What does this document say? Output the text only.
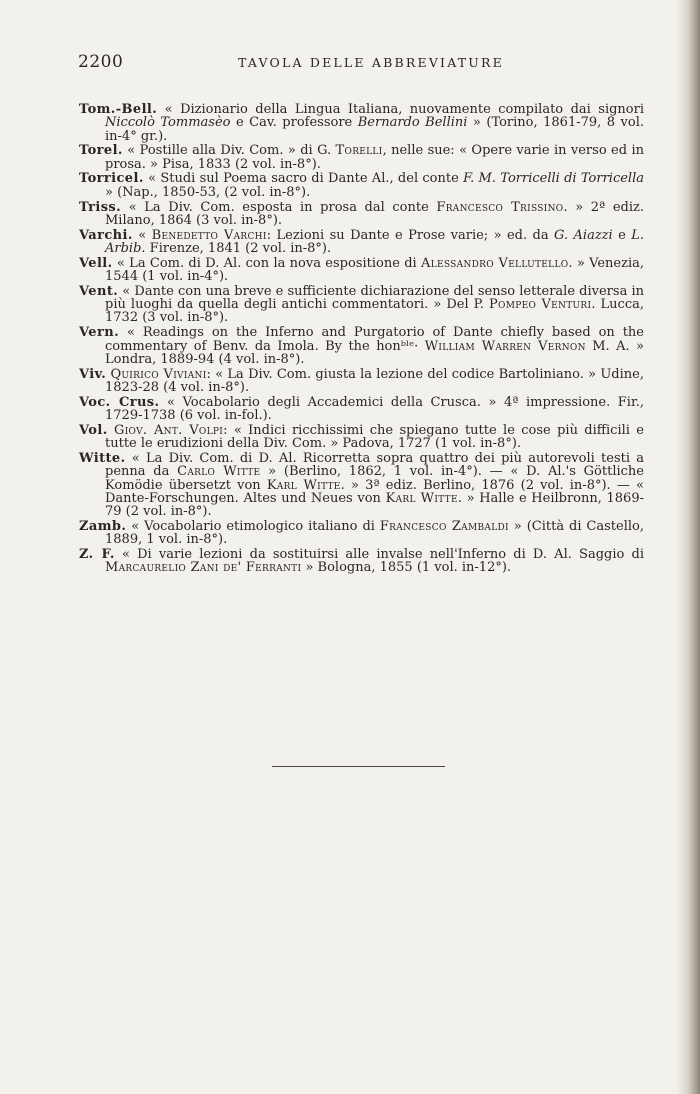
2200	TAVOLA DELLE ABBREVIATURE

Tom.-Bell. « Dizionario della Lingua Italiana, nuovamente compilato dai signori Niccolò Tommasèo e Cav. professore Bernardo Bellini » (Torino, 1861-79, 8 vol. in-4° gr.).

Torel. « Postille alla Div. Com. » di G. Torelli, nelle sue: « Opere varie in verso ed in prosa. » Pisa, 1833 (2 vol. in-8°).

Torricel. « Studi sul Poema sacro di Dante Al., del conte F. M. Torricelli di Torricella » (Nap., 1850-53, (2 vol. in-8°).

Triss. « La Div. Com. esposta in prosa dal conte Francesco Trissino. » 2ª ediz. Milano, 1864 (3 vol. in-8°).

Varchi. « Benedetto Varchi: Lezioni su Dante e Prose varie; » ed. da G. Aiazzi e L. Arbib. Firenze, 1841 (2 vol. in-8°).

Vell. « La Com. di D. Al. con la nova espositione di Alessandro Vellutello. » Venezia, 1544 (1 vol. in-4°).

Vent. « Dante con una breve e sufficiente dichiarazione del senso letterale diversa in più luoghi da quella degli antichi commentatori. » Del P. Pompeo Venturi. Lucca, 1732 (3 vol. in-8°).

Vern. « Readings on the Inferno and Purgatorio of Dante chiefly based on the commentary of Benv. da Imola. By the honᵇˡᵉ· William Warren Vernon M. A. » Londra, 1889-94 (4 vol. in-8°).

Viv. Quirico Viviani: « La Div. Com. giusta la lezione del codice Bartoliniano. » Udine, 1823-28 (4 vol. in-8°).

Voc. Crus. « Vocabolario degli Accademici della Crusca. » 4ª impressione. Fir., 1729-1738 (6 vol. in-fol.).

Vol. Giov. Ant. Volpi: « Indici ricchissimi che spiegano tutte le cose più difficili e tutte le erudizioni della Div. Com. » Padova, 1727 (1 vol. in-8°).

Witte. « La Div. Com. di D. Al. Ricorretta sopra quattro dei più autorevoli testi a penna da Carlo Witte » (Berlino, 1862, 1 vol. in-4°). — « D. Al.'s Göttliche Komödie übersetzt von Karl Witte. » 3ª ediz. Berlino, 1876 (2 vol. in-8°). — « Dante-Forschungen. Altes und Neues von Karl Witte. » Halle e Heilbronn, 1869-79 (2 vol. in-8°).

Zamb. « Vocabolario etimologico italiano di Francesco Zambaldi » (Città di Castello, 1889, 1 vol. in-8°).

Z. F. « Di varie lezioni da sostituirsi alle invalse nell'Inferno di D. Al. Saggio di Marcaurelio Zani de' Ferranti » Bologna, 1855 (1 vol. in-12°).
